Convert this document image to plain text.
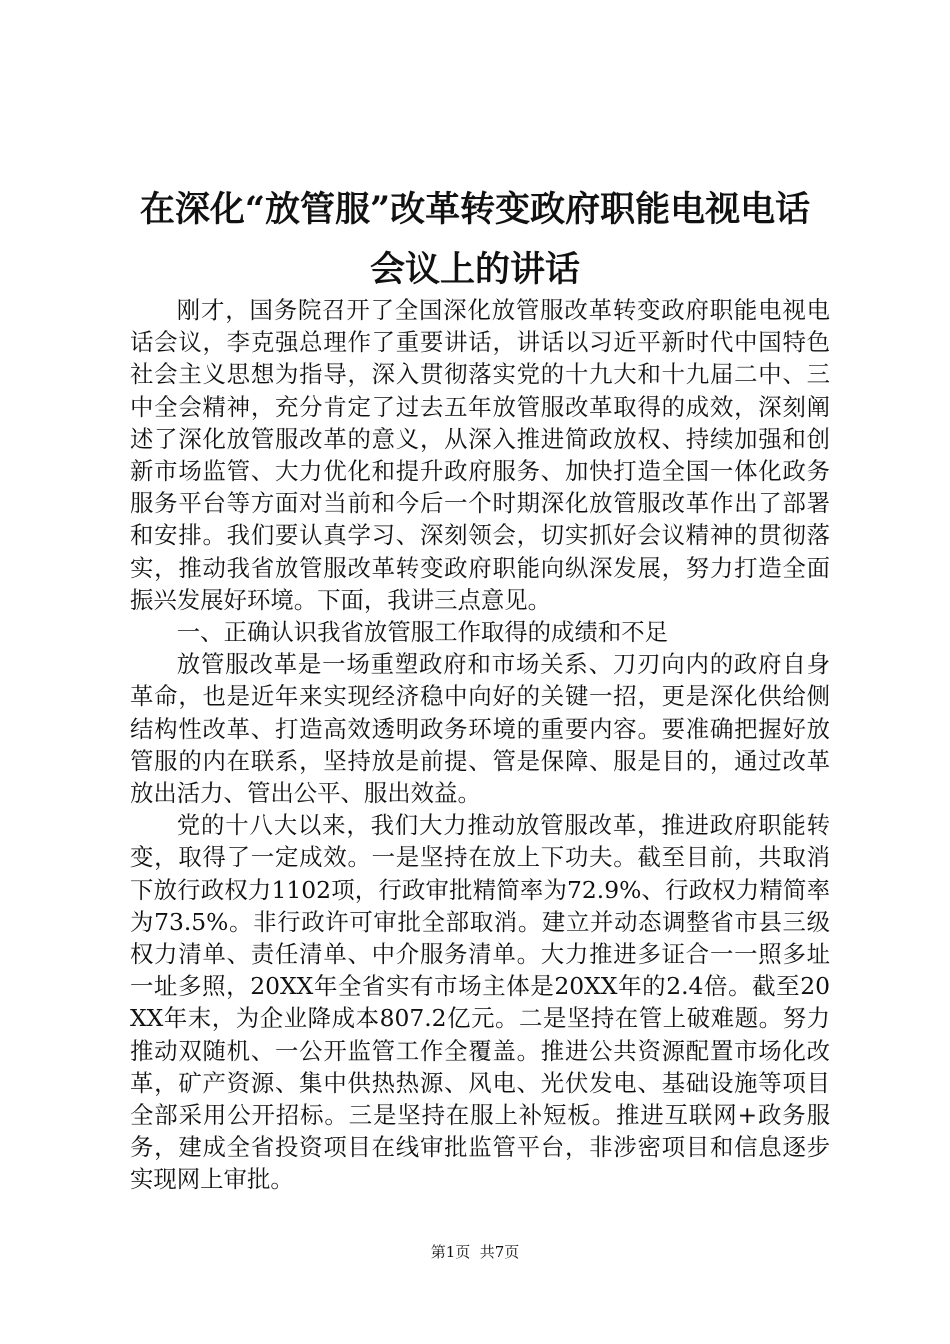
在深化“放管服”改革转变政府职能电视电话
会议上的讲话

刚才，国务院召开了全国深化放管服改革转变政府职能电视电话会议，李克强总理作了重要讲话，讲话以习近平新时代中国特色社会主义思想为指导，深入贯彻落实党的十九大和十九届二中、三中全会精神，充分肯定了过去五年放管服改革取得的成效，深刻阐述了深化放管服改革的意义，从深入推进简政放权、持续加强和创新市场监管、大力优化和提升政府服务、加快打造全国一体化政务服务平台等方面对当前和今后一个时期深化放管服改革作出了部署和安排。我们要认真学习、深刻领会，切实抓好会议精神的贯彻落实，推动我省放管服改革转变政府职能向纵深发展，努力打造全面振兴发展好环境。下面，我讲三点意见。

一、正确认识我省放管服工作取得的成绩和不足

放管服改革是一场重塑政府和市场关系、刀刃向内的政府自身革命，也是近年来实现经济稳中向好的关键一招，更是深化供给侧结构性改革、打造高效透明政务环境的重要内容。要准确把握好放管服的内在联系，坚持放是前提、管是保障、服是目的，通过改革放出活力、管出公平、服出效益。

党的十八大以来，我们大力推动放管服改革，推进政府职能转变，取得了一定成效。一是坚持在放上下功夫。截至目前，共取消下放行政权力1102项，行政审批精简率为72.9%、行政权力精简率为73.5%。非行政许可审批全部取消。建立并动态调整省市县三级权力清单、责任清单、中介服务清单。大力推进多证合一一照多址一址多照，20XX年全省实有市场主体是20XX年的2.4倍。截至20XX年末，为企业降成本807.2亿元。二是坚持在管上破难题。努力推动双随机、一公开监管工作全覆盖。推进公共资源配置市场化改革，矿产资源、集中供热热源、风电、光伏发电、基础设施等项目全部采用公开招标。三是坚持在服上补短板。推进互联网+政务服务，建成全省投资项目在线审批监管平台，非涉密项目和信息逐步实现网上审批。

第1页  共7页
